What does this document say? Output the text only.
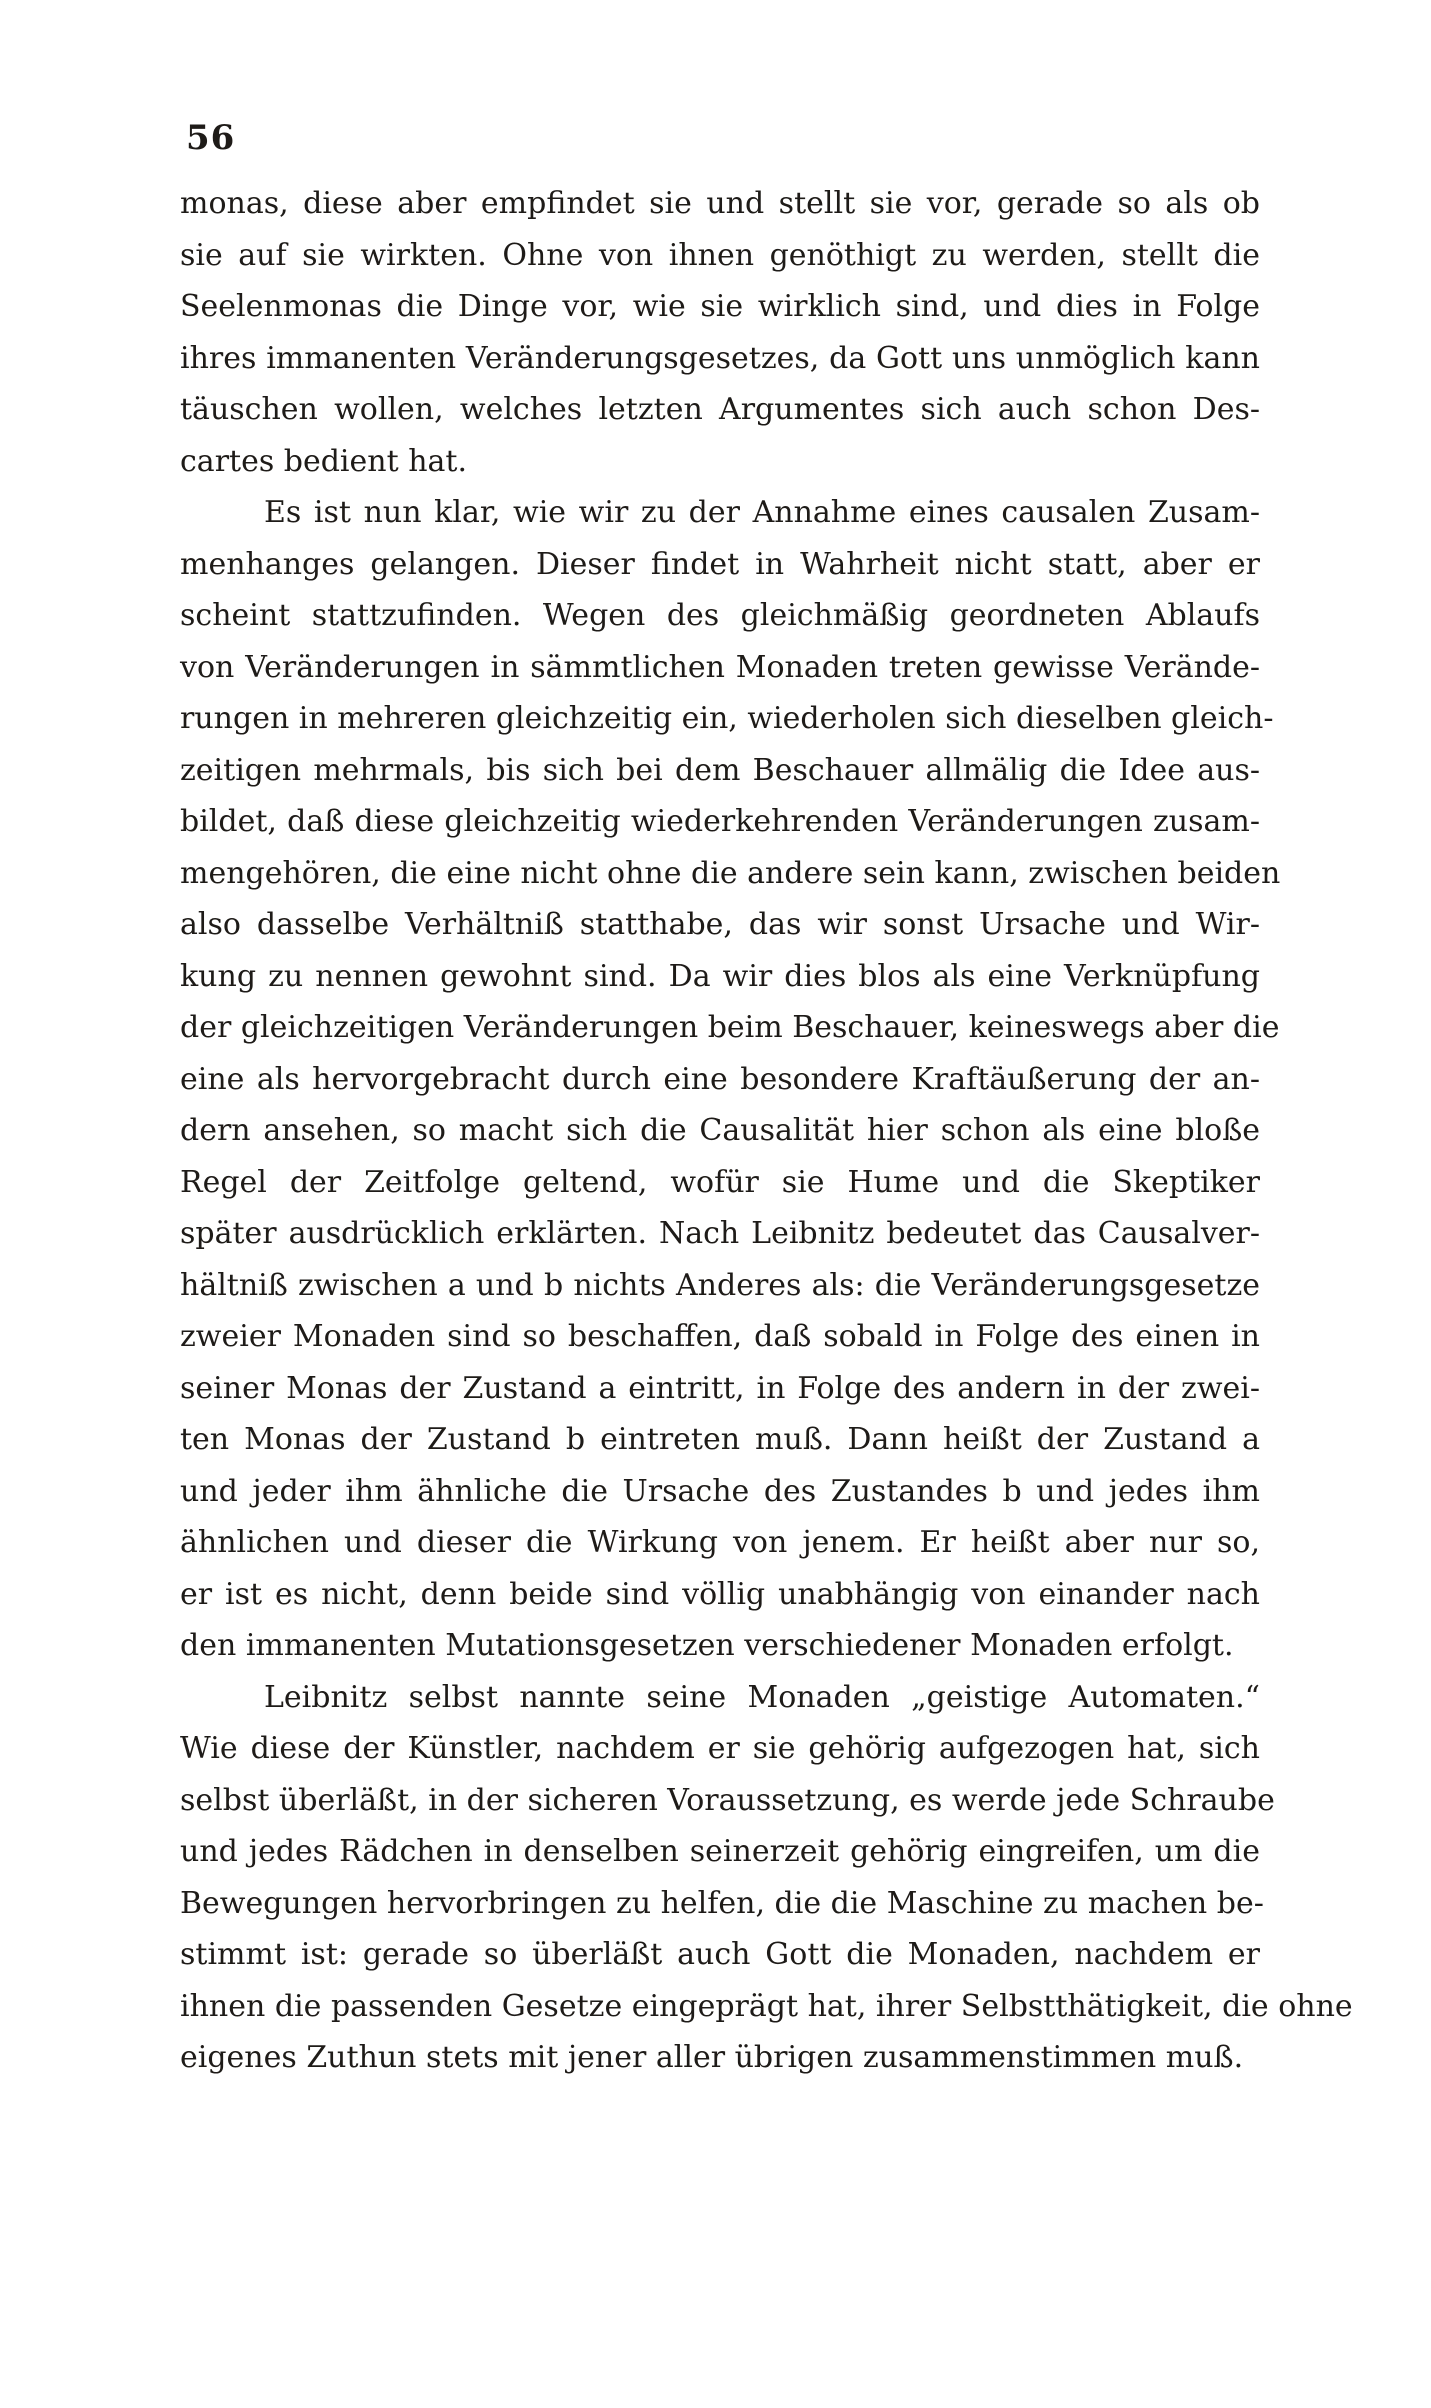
56
monas, diese aber empfindet sie und stellt sie vor, gerade so als ob
sie auf sie wirkten. Ohne von ihnen genöthigt zu werden, stellt die
Seelenmonas die Dinge vor, wie sie wirklich sind, und dies in Folge
ihres immanenten Veränderungsgesetzes, da Gott uns unmöglich kann
täuschen wollen, welches letzten Argumentes sich auch schon Des-
cartes bedient hat.
Es ist nun klar, wie wir zu der Annahme eines causalen Zusam-
menhanges gelangen. Dieser findet in Wahrheit nicht statt, aber er
scheint stattzufinden. Wegen des gleichmäßig geordneten Ablaufs
von Veränderungen in sämmtlichen Monaden treten gewisse Verände-
rungen in mehreren gleichzeitig ein, wiederholen sich dieselben gleich-
zeitigen mehrmals, bis sich bei dem Beschauer allmälig die Idee aus-
bildet, daß diese gleichzeitig wiederkehrenden Veränderungen zusam-
mengehören, die eine nicht ohne die andere sein kann, zwischen beiden
also dasselbe Verhältniß statthabe, das wir sonst Ursache und Wir-
kung zu nennen gewohnt sind. Da wir dies blos als eine Verknüpfung
der gleichzeitigen Veränderungen beim Beschauer, keineswegs aber die
eine als hervorgebracht durch eine besondere Kraftäußerung der an-
dern ansehen, so macht sich die Causalität hier schon als eine bloße
Regel der Zeitfolge geltend, wofür sie Hume und die Skeptiker
später ausdrücklich erklärten. Nach Leibnitz bedeutet das Causalver-
hältniß zwischen a und b nichts Anderes als: die Veränderungsgesetze
zweier Monaden sind so beschaffen, daß sobald in Folge des einen in
seiner Monas der Zustand a eintritt, in Folge des andern in der zwei-
ten Monas der Zustand b eintreten muß. Dann heißt der Zustand a
und jeder ihm ähnliche die Ursache des Zustandes b und jedes ihm
ähnlichen und dieser die Wirkung von jenem. Er heißt aber nur so,
er ist es nicht, denn beide sind völlig unabhängig von einander nach
den immanenten Mutationsgesetzen verschiedener Monaden erfolgt.
Leibnitz selbst nannte seine Monaden „geistige Automaten.“
Wie diese der Künstler, nachdem er sie gehörig aufgezogen hat, sich
selbst überläßt, in der sicheren Voraussetzung, es werde jede Schraube
und jedes Rädchen in denselben seinerzeit gehörig eingreifen, um die
Bewegungen hervorbringen zu helfen, die die Maschine zu machen be-
stimmt ist: gerade so überläßt auch Gott die Monaden, nachdem er
ihnen die passenden Gesetze eingeprägt hat, ihrer Selbstthätigkeit, die ohne
eigenes Zuthun stets mit jener aller übrigen zusammenstimmen muß.
